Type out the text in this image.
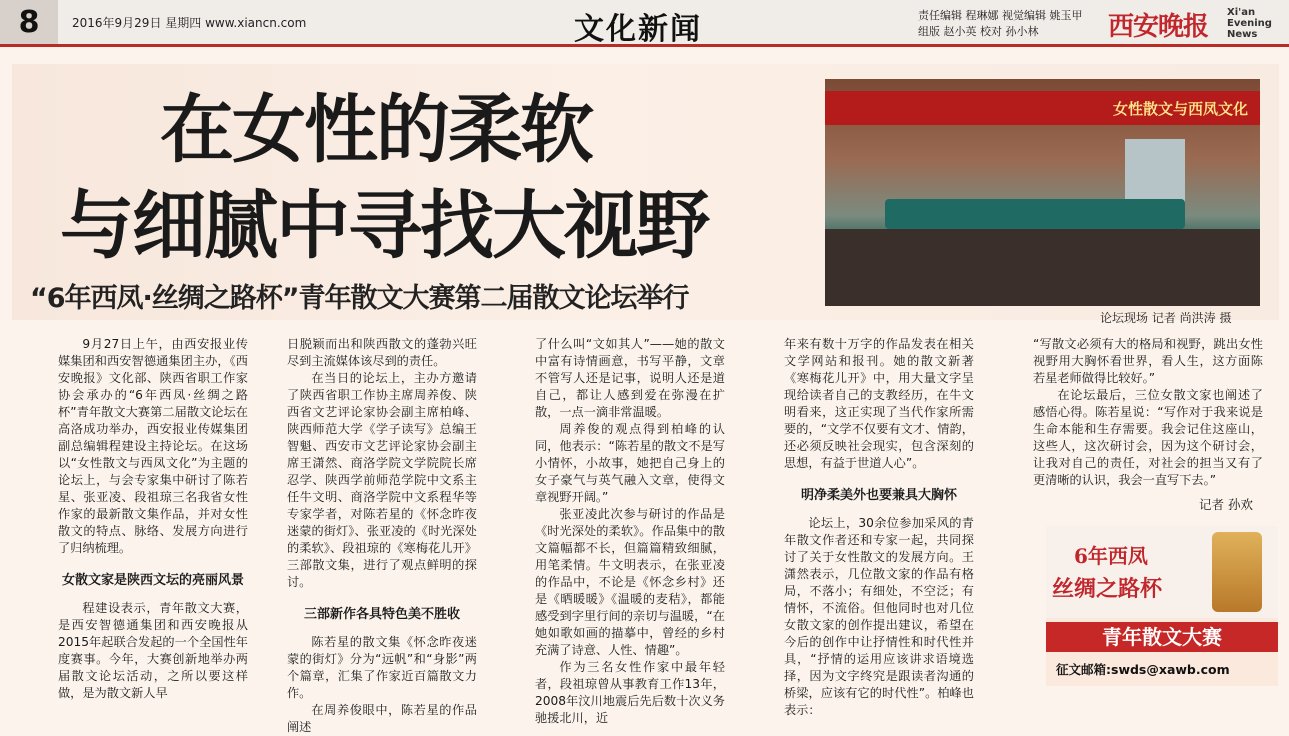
8	2016年9月29日 星期四 www.xiancn.com	文化新闻	责任编辑 程琳娜 视觉编辑 姚玉甲
组版 赵小英 校对 孙小林	西安晚报 Xi'an Evening News
在女性的柔软
与细腻中寻找大视野
“6年西凤·丝绸之路杯”青年散文大赛第二届散文论坛举行
女性散文与西凤文化
论坛现场 记者 尚洪涛 摄

9月27日上午，由西安报业传媒集团和西安智德通集团主办，《西安晚报》文化部、陕西省职工作家协会承办的“6年西凤·丝绸之路杯”青年散文大赛第二届散文论坛在高洛成功举办，西安报业传媒集团副总编辑程建设主持论坛。在这场以“女性散文与西凤文化”为主题的论坛上，与会专家集中研讨了陈若星、张亚凌、段祖琼三名我省女性作家的最新散文集作品，并对女性散文的特点、脉络、发展方向进行了归纳梳理。

女散文家是陕西文坛的亮丽风景

程建设表示，青年散文大赛，是西安智德通集团和西安晚报从2015年起联合发起的一个全国性年度赛事。今年，大赛创新地举办两届散文论坛活动，之所以要这样做，是为散文新人早

日脱颖而出和陕西散文的蓬勃兴旺尽到主流媒体该尽到的责任。

在当日的论坛上，主办方邀请了陕西省职工作协主席周养俊、陕西省文艺评论家协会副主席柏峰、陕西师范大学《学子读写》总编王智魁、西安市文艺评论家协会副主席王潇然、商洛学院文学院院长席忍学、陕西学前师范学院中文系主任牛文明、商洛学院中文系程华等专家学者，对陈若星的《怀念昨夜迷蒙的街灯》、张亚凌的《时光深处的柔软》、段祖琼的《寒梅花儿开》三部散文集，进行了观点鲜明的探讨。

三部新作各具特色美不胜收

陈若星的散文集《怀念昨夜迷蒙的街灯》分为“远帆”和“身影”两个篇章，汇集了作家近百篇散文力作。

在周养俊眼中，陈若星的作品阐述

了什么叫“文如其人”——她的散文中富有诗情画意，书写平静，文章不管写人还是记事，说明人还是道自己，都让人感到爱在弥漫在扩散，一点一滴非常温暖。

周养俊的观点得到柏峰的认同，他表示：“陈若星的散文不是写小情怀，小故事，她把自己身上的女子豪气与英气融入文章，使得文章视野开阔。”

张亚凌此次参与研讨的作品是《时光深处的柔软》。作品集中的散文篇幅都不长，但篇篇精致细腻，用笔柔情。牛文明表示，在张亚凌的作品中，不论是《怀念乡村》还是《晒暖暖》《温暖的麦秸》，都能感受到字里行间的亲切与温暖，“在她如歌如画的描摹中，曾经的乡村充满了诗意、人性、情趣”。

作为三名女性作家中最年轻者，段祖琼曾从事教育工作13年，2008年汶川地震后先后数十次义务驰援北川，近

年来有数十万字的作品发表在相关文学网站和报刊。她的散文新著《寒梅花儿开》中，用大量文字呈现给读者自己的支教经历，在牛文明看来，这正实现了当代作家所需要的，“文学不仅要有文才、情韵，还必须反映社会现实，包含深刻的思想，有益于世道人心”。

明净柔美外也要兼具大胸怀

论坛上，30余位参加采风的青年散文作者还和专家一起，共同探讨了关于女性散文的发展方向。王潇然表示，几位散文家的作品有格局，不落小；有细处，不空泛；有情怀，不流俗。但他同时也对几位女散文家的创作提出建议，希望在今后的创作中让抒情性和时代性并具，“抒情的运用应该讲求语境选择，因为文字终究是跟读者沟通的桥梁，应该有它的时代性”。柏峰也表示：

“写散文必须有大的格局和视野，跳出女性视野用大胸怀看世界，看人生，这方面陈若星老师做得比较好。”

在论坛最后，三位女散文家也阐述了感悟心得。陈若星说：“写作对于我来说是生命本能和生存需要。我会记住这座山，这些人，这次研讨会，因为这个研讨会，让我对自己的责任，对社会的担当又有了更清晰的认识，我会一直写下去。”

记者 孙欢
6年西凤
丝绸之路杯
青年散文大赛
征文邮箱:swds@xawb.com
